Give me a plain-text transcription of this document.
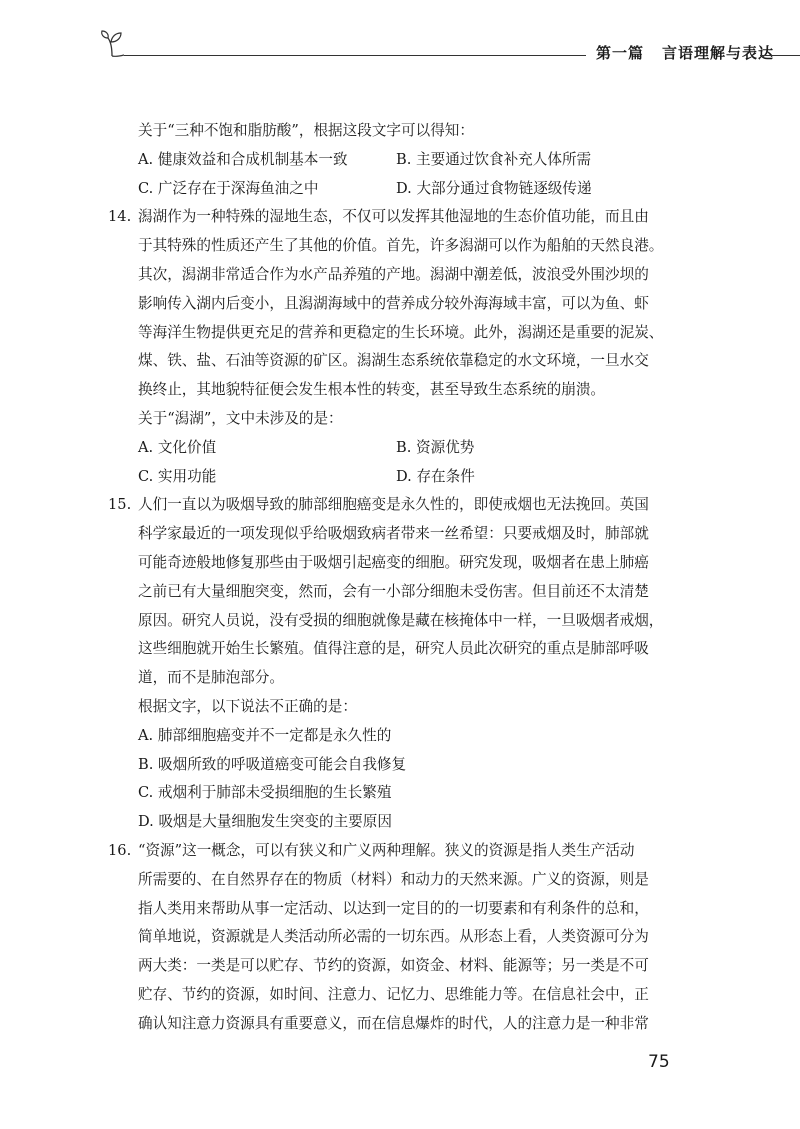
第一篇 言语理解与表达
关于“三种不饱和脂肪酸”，根据这段文字可以得知：
A. 健康效益和合成机制基本一致	B. 主要通过饮食补充人体所需
C. 广泛存在于深海鱼油之中	D. 大部分通过食物链逐级传递
14. 潟湖作为一种特殊的湿地生态，不仅可以发挥其他湿地的生态价值功能，而且由
于其特殊的性质还产生了其他的价值。首先，许多潟湖可以作为船舶的天然良港。
其次，潟湖非常适合作为水产品养殖的产地。潟湖中潮差低，波浪受外围沙坝的
影响传入湖内后变小，且潟湖海域中的营养成分较外海海域丰富，可以为鱼、虾
等海洋生物提供更充足的营养和更稳定的生长环境。此外，潟湖还是重要的泥炭、
煤、铁、盐、石油等资源的矿区。潟湖生态系统依靠稳定的水文环境，一旦水交
换终止，其地貌特征便会发生根本性的转变，甚至导致生态系统的崩溃。
关于“潟湖”，文中未涉及的是：
A. 文化价值	B. 资源优势
C. 实用功能	D. 存在条件
15. 人们一直以为吸烟导致的肺部细胞癌变是永久性的，即使戒烟也无法挽回。英国
科学家最近的一项发现似乎给吸烟致病者带来一丝希望：只要戒烟及时，肺部就
可能奇迹般地修复那些由于吸烟引起癌变的细胞。研究发现，吸烟者在患上肺癌
之前已有大量细胞突变，然而，会有一小部分细胞未受伤害。但目前还不太清楚
原因。研究人员说，没有受损的细胞就像是藏在核掩体中一样，一旦吸烟者戒烟，
这些细胞就开始生长繁殖。值得注意的是，研究人员此次研究的重点是肺部呼吸
道，而不是肺泡部分。
根据文字，以下说法不正确的是：
A. 肺部细胞癌变并不一定都是永久性的
B. 吸烟所致的呼吸道癌变可能会自我修复
C. 戒烟利于肺部未受损细胞的生长繁殖
D. 吸烟是大量细胞发生突变的主要原因
16. “资源”这一概念，可以有狭义和广义两种理解。狭义的资源是指人类生产活动
所需要的、在自然界存在的物质（材料）和动力的天然来源。广义的资源，则是
指人类用来帮助从事一定活动、以达到一定目的的一切要素和有利条件的总和，
简单地说，资源就是人类活动所必需的一切东西。从形态上看，人类资源可分为
两大类：一类是可以贮存、节约的资源，如资金、材料、能源等；另一类是不可
贮存、节约的资源，如时间、注意力、记忆力、思维能力等。在信息社会中，正
确认知注意力资源具有重要意义，而在信息爆炸的时代，人的注意力是一种非常
75
